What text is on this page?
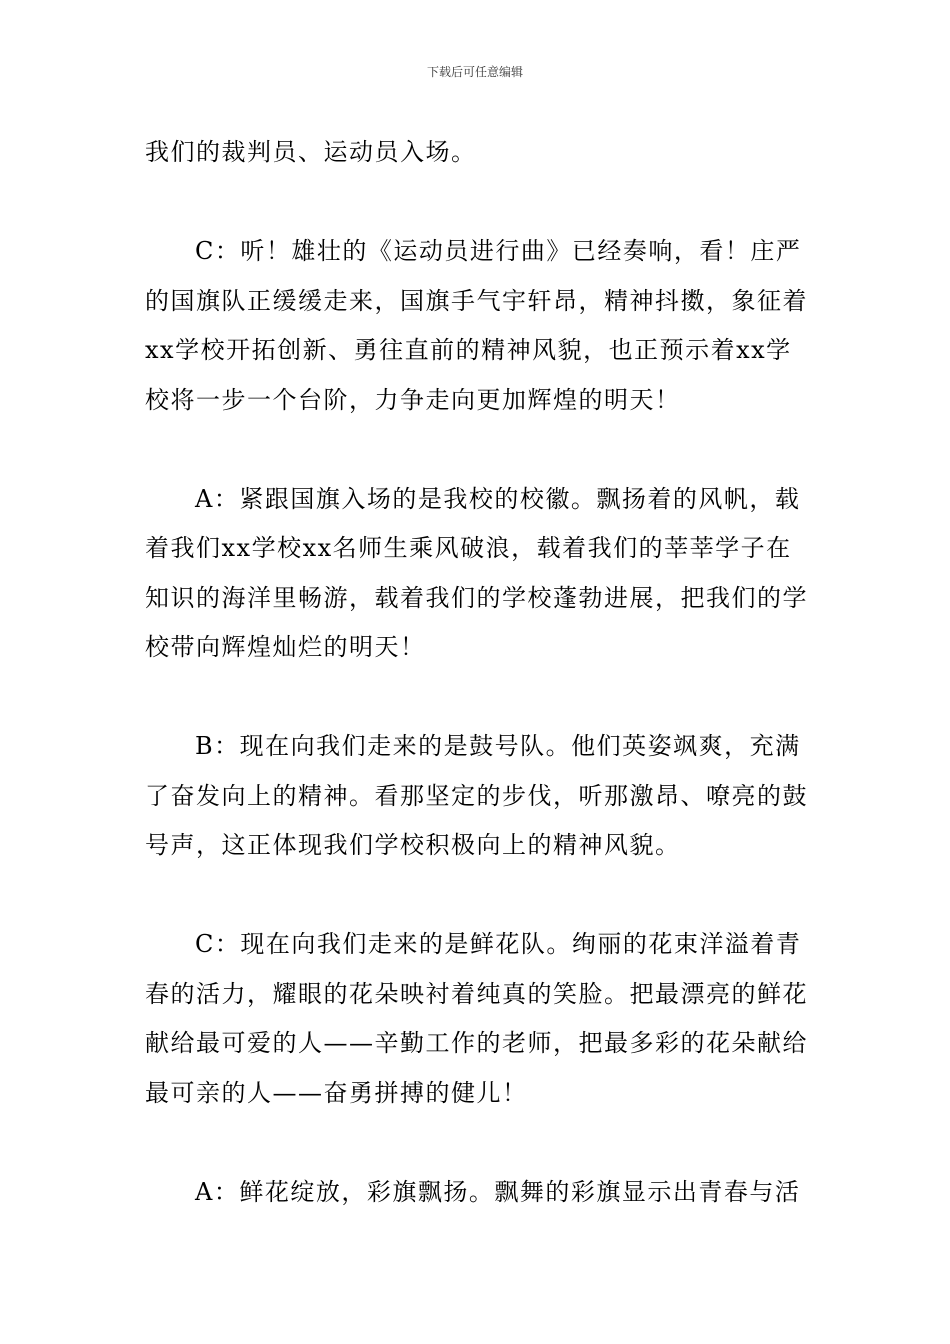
下载后可任意编辑

我们的裁判员、运动员入场。

C：听！雄壮的《运动员进行曲》已经奏响，看！庄严的国旗队正缓缓走来，国旗手气宇轩昂，精神抖擞，象征着xx学校开拓创新、勇往直前的精神风貌，也正预示着xx学校将一步一个台阶，力争走向更加辉煌的明天！

A：紧跟国旗入场的是我校的校徽。飘扬着的风帆，载着我们xx学校xx名师生乘风破浪，载着我们的莘莘学子在知识的海洋里畅游，载着我们的学校蓬勃进展，把我们的学校带向辉煌灿烂的明天！

B：现在向我们走来的是鼓号队。他们英姿飒爽，充满了奋发向上的精神。看那坚定的步伐，听那激昂、嘹亮的鼓号声，这正体现我们学校积极向上的精神风貌。

C：现在向我们走来的是鲜花队。绚丽的花束洋溢着青春的活力，耀眼的花朵映衬着纯真的笑脸。把最漂亮的鲜花献给最可爱的人——辛勤工作的老师，把最多彩的花朵献给最可亲的人——奋勇拼搏的健儿！

A：鲜花绽放，彩旗飘扬。飘舞的彩旗显示出青春与活
